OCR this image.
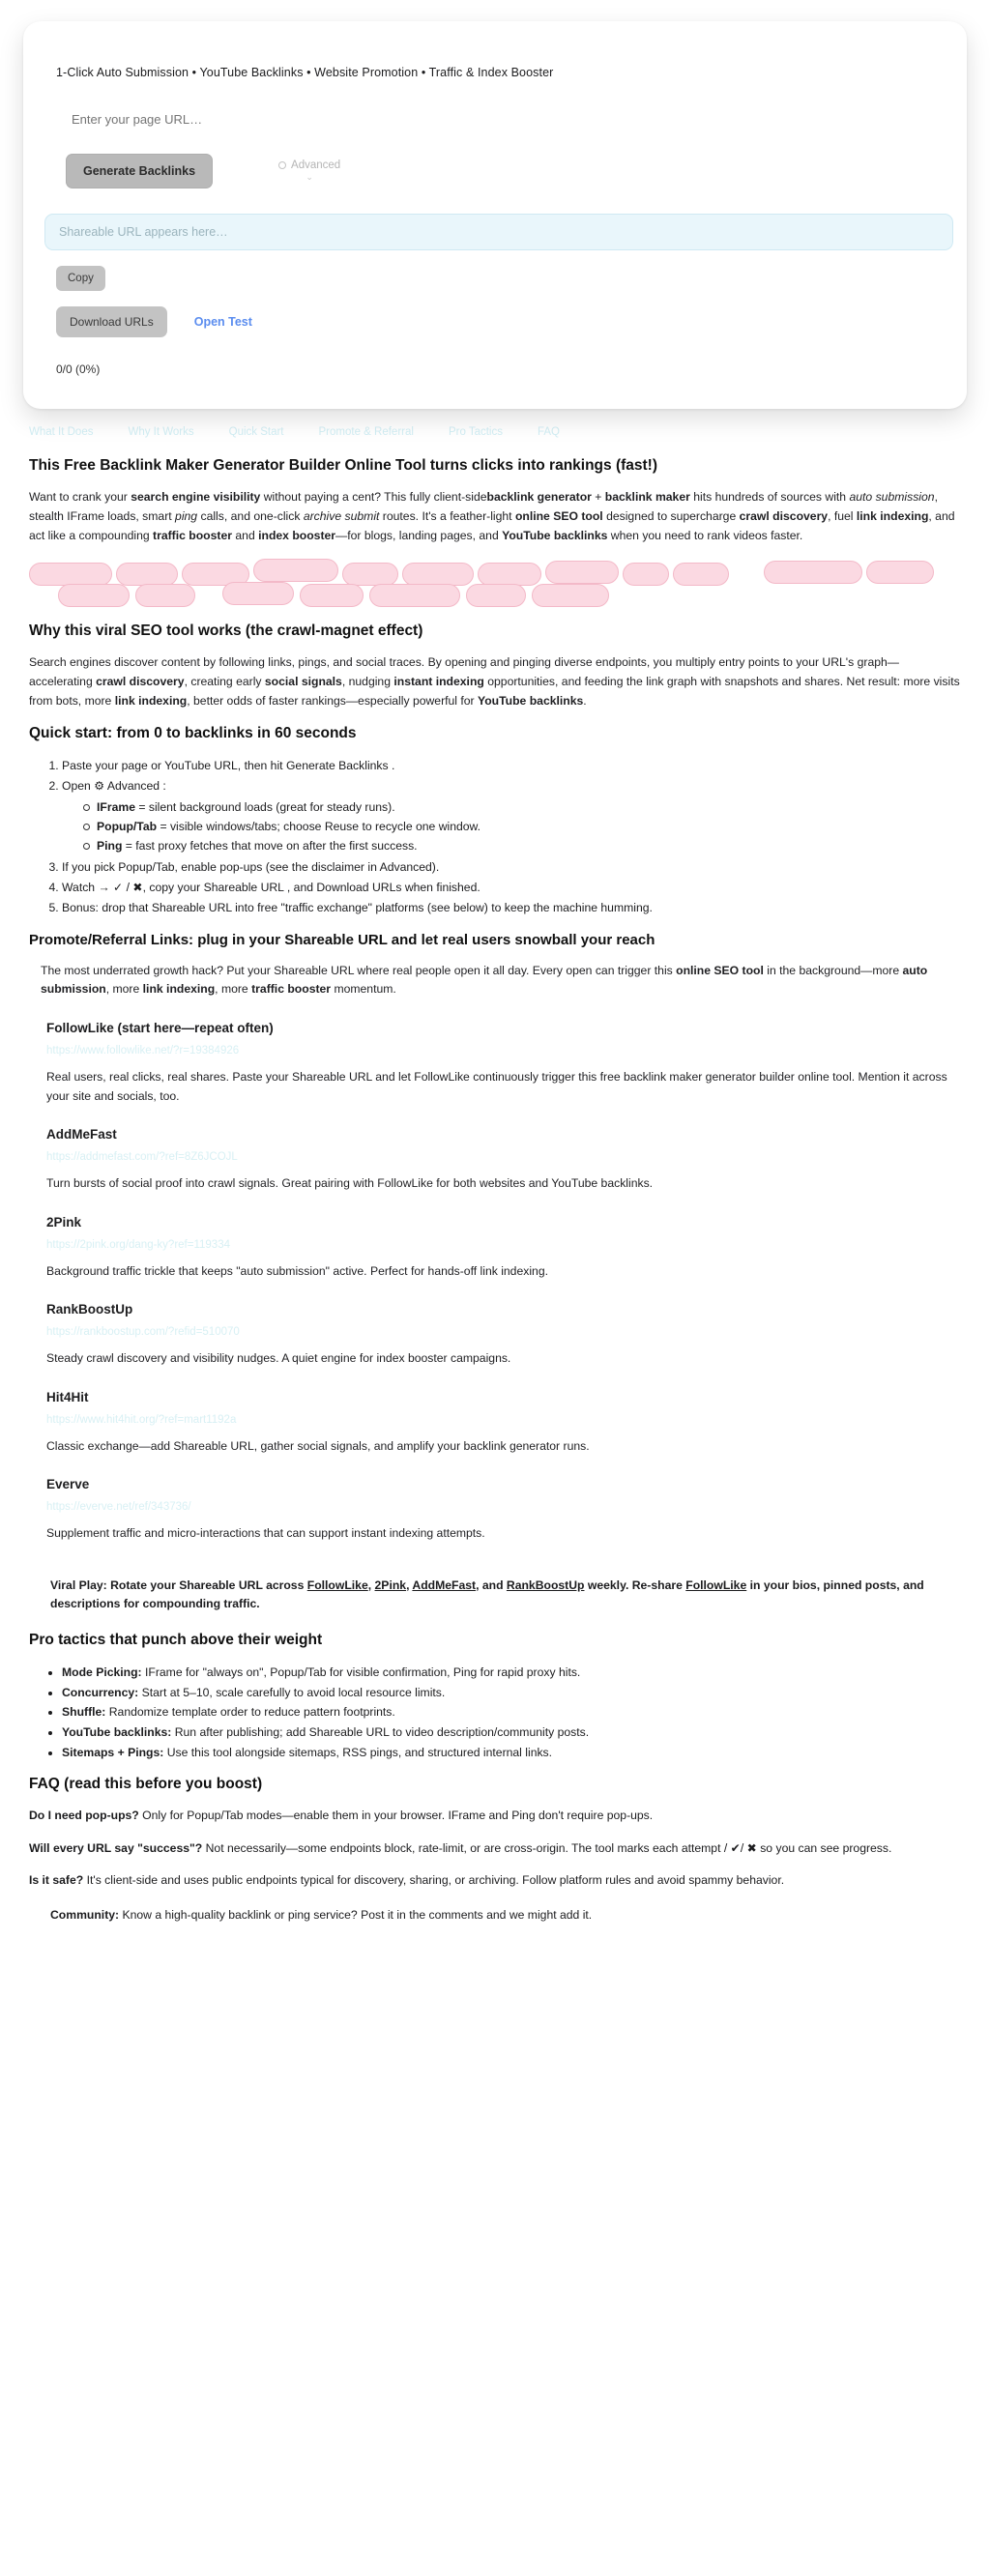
1-Click Auto Submission • YouTube Backlinks • Website Promotion • Traffic & Index Booster
Enter your page URL…
Generate Backlinks	Advanced
⌄
Shareable URL appears here…
Copy
Download URLs	Open Test
0/0 (0%)
What It Does	Why It Works	Quick Start	Promote & Referral	Pro Tactics	FAQ
This Free Backlink Maker Generator Builder Online Tool turns clicks into rankings (fast!)

Want to crank your search engine visibility without paying a cent? This fully client-sidebacklink generator + backlink maker hits hundreds of sources with auto submission, stealth IFrame loads, smart ping calls, and one-click archive submit routes. It's a feather-light online SEO tool designed to supercharge crawl discovery, fuel link indexing, and act like a compounding traffic booster and index booster—for blogs, landing pages, and YouTube backlinks when you need to rank videos faster.

Why this viral SEO tool works (the crawl-magnet effect)

Search engines discover content by following links, pings, and social traces. By opening and pinging diverse endpoints, you multiply entry points to your URL's graph—accelerating crawl discovery, creating early social signals, nudging instant indexing opportunities, and feeding the link graph with snapshots and shares. Net result: more visits from bots, more link indexing, better odds of faster rankings—especially powerful for YouTube backlinks.

Quick start: from 0 to backlinks in 60 seconds
1. Paste your page or YouTube URL, then hit Generate Backlinks .
2. Open ⚙ Advanced :
IFrame = silent background loads (great for steady runs).
Popup/Tab = visible windows/tabs; choose Reuse to recycle one window.
Ping = fast proxy fetches that move on after the first success.
3. If you pick Popup/Tab, enable pop-ups (see the disclaimer in Advanced).
4. Watch → ✓ / ✖, copy your Shareable URL , and Download URLs when finished.
5. Bonus: drop that Shareable URL into free "traffic exchange" platforms (see below) to keep the machine humming.
Promote/Referral Links: plug in your Shareable URL and let real users snowball your reach

The most underrated growth hack? Put your Shareable URL where real people open it all day. Every open can trigger this online SEO tool in the background—more auto submission, more link indexing, more traffic booster momentum.

FollowLike (start here—repeat often)
https://www.followlike.net/?r=19384926
Real users, real clicks, real shares. Paste your Shareable URL and let FollowLike continuously trigger this free backlink maker generator builder online tool. Mention it across your site and socials, too.
AddMeFast
https://addmefast.com/?ref=8Z6JCOJL
Turn bursts of social proof into crawl signals. Great pairing with FollowLike for both websites and YouTube backlinks.
2Pink
https://2pink.org/dang-ky?ref=119334
Background traffic trickle that keeps "auto submission" active. Perfect for hands-off link indexing.
RankBoostUp
https://rankboostup.com/?refid=510070
Steady crawl discovery and visibility nudges. A quiet engine for index booster campaigns.
Hit4Hit
https://www.hit4hit.org/?ref=mart1192a
Classic exchange—add Shareable URL, gather social signals, and amplify your backlink generator runs.
Everve
https://everve.net/ref/343736/
Supplement traffic and micro-interactions that can support instant indexing attempts.
Viral Play: Rotate your Shareable URL across FollowLike, 2Pink, AddMeFast, and RankBoostUp weekly. Re-share FollowLike in your bios, pinned posts, and descriptions for compounding traffic.
Pro tactics that punch above their weight
• Mode Picking: IFrame for "always on", Popup/Tab for visible confirmation, Ping for rapid proxy hits.
• Concurrency: Start at 5–10, scale carefully to avoid local resource limits.
• Shuffle: Randomize template order to reduce pattern footprints.
• YouTube backlinks: Run after publishing; add Shareable URL to video description/community posts.
• Sitemaps + Pings: Use this tool alongside sitemaps, RSS pings, and structured internal links.
FAQ (read this before you boost)
Do I need pop-ups? Only for Popup/Tab modes—enable them in your browser. IFrame and Ping don't require pop-ups.
Will every URL say "success"? Not necessarily—some endpoints block, rate-limit, or are cross-origin. The tool marks each attempt / ✔/ ✖ so you can see progress.
Is it safe? It's client-side and uses public endpoints typical for discovery, sharing, or archiving. Follow platform rules and avoid spammy behavior.
Community: Know a high-quality backlink or ping service? Post it in the comments and we might add it.
